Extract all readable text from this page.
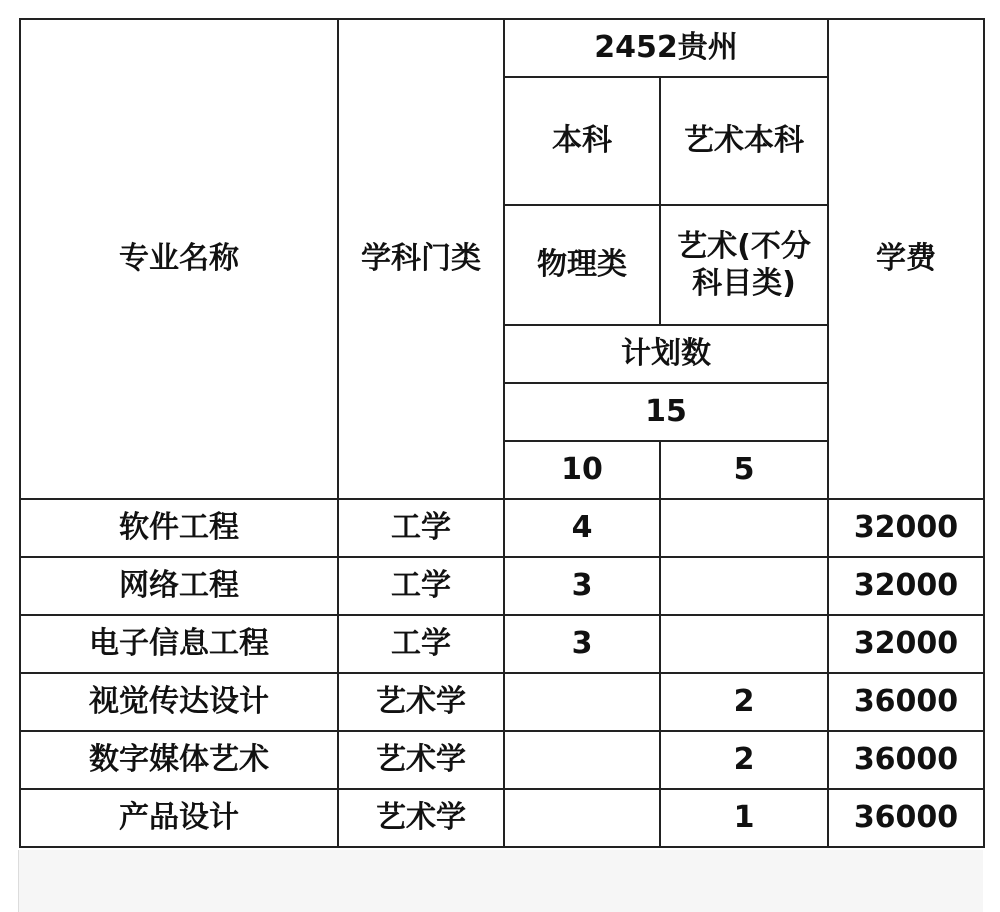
专业名称	学科门类	2452贵州		学费
		本科	艺术本科	
		物理类	艺术(不分
科目类)	

		计划数		
		15		
		10	5	

软件工程	工学	4		32000
网络工程	工学	3		32000
电子信息工程	工学	3		32000
视觉传达设计	艺术学		2	36000
数字媒体艺术	艺术学		2	36000
产品设计	艺术学		1	36000
